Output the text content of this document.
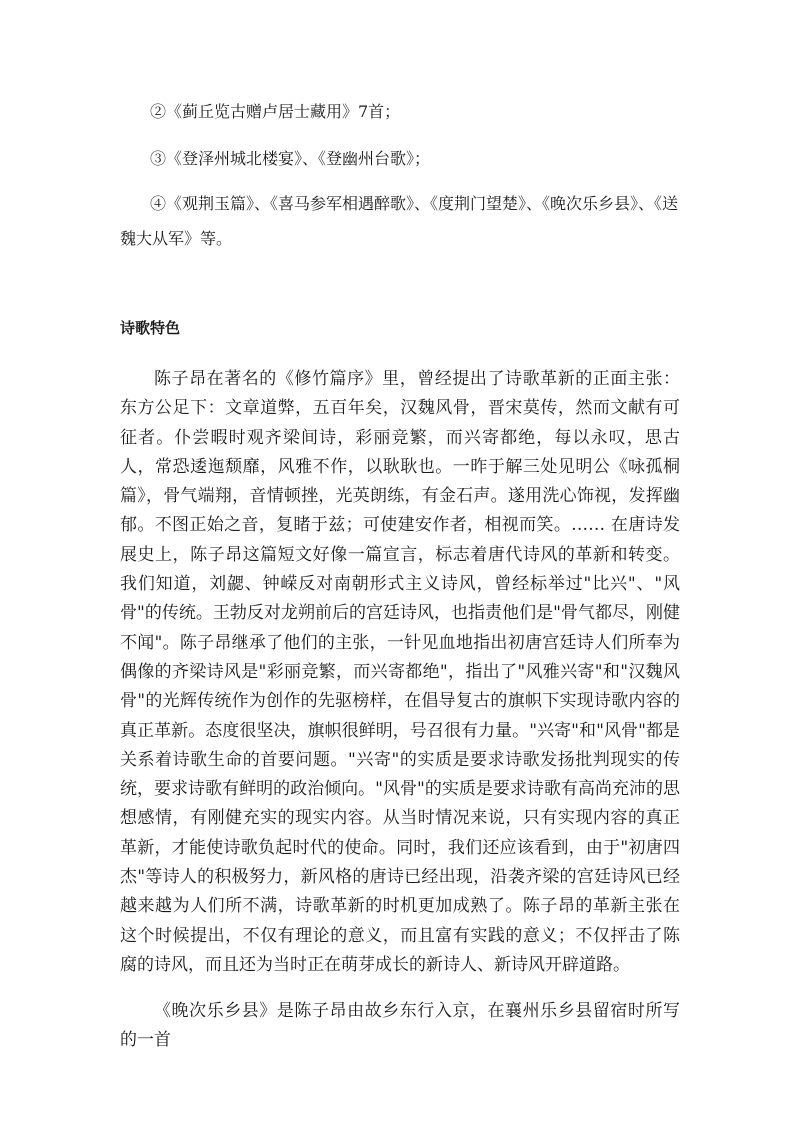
②《蓟丘览古赠卢居士藏用》7首；

③《登泽州城北楼宴》、《登幽州台歌》；

④《观荆玉篇》、《喜马参军相遇醉歌》、《度荆门望楚》、《晚次乐乡县》、《送魏大从军》等。

诗歌特色

陈子昂在著名的《修竹篇序》里，曾经提出了诗歌革新的正面主张：东方公足下：文章道弊，五百年矣，汉魏风骨，晋宋莫传，然而文献有可征者。仆尝暇时观齐梁间诗，彩丽竞繁，而兴寄都绝，每以永叹，思古人，常恐逶迤颓靡，风雅不作，以耿耿也。一昨于解三处见明公《咏孤桐篇》，骨气端翔，音情顿挫，光英朗练，有金石声。遂用洗心饰视，发挥幽郁。不图正始之音，复睹于兹；可使建安作者，相视而笑。…… 在唐诗发展史上，陈子昂这篇短文好像一篇宣言，标志着唐代诗风的革新和转变。我们知道，刘勰、钟嵘反对南朝形式主义诗风，曾经标举过"比兴"、"风骨"的传统。王勃反对龙朔前后的宫廷诗风，也指责他们是"骨气都尽，刚健不闻"。陈子昂继承了他们的主张，一针见血地指出初唐宫廷诗人们所奉为偶像的齐梁诗风是"彩丽竞繁，而兴寄都绝"，指出了"风雅兴寄"和"汉魏风骨"的光辉传统作为创作的先驱榜样，在倡导复古的旗帜下实现诗歌内容的真正革新。态度很坚决，旗帜很鲜明，号召很有力量。"兴寄"和"风骨"都是关系着诗歌生命的首要问题。"兴寄"的实质是要求诗歌发扬批判现实的传统，要求诗歌有鲜明的政治倾向。"风骨"的实质是要求诗歌有高尚充沛的思想感情，有刚健充实的现实内容。从当时情况来说，只有实现内容的真正革新，才能使诗歌负起时代的使命。同时，我们还应该看到，由于"初唐四杰"等诗人的积极努力，新风格的唐诗已经出现，沿袭齐梁的宫廷诗风已经越来越为人们所不满，诗歌革新的时机更加成熟了。陈子昂的革新主张在这个时候提出，不仅有理论的意义，而且富有实践的意义；不仅抨击了陈腐的诗风，而且还为当时正在萌芽成长的新诗人、新诗风开辟道路。

《晚次乐乡县》是陈子昂由故乡东行入京，在襄州乐乡县留宿时所写的一首
